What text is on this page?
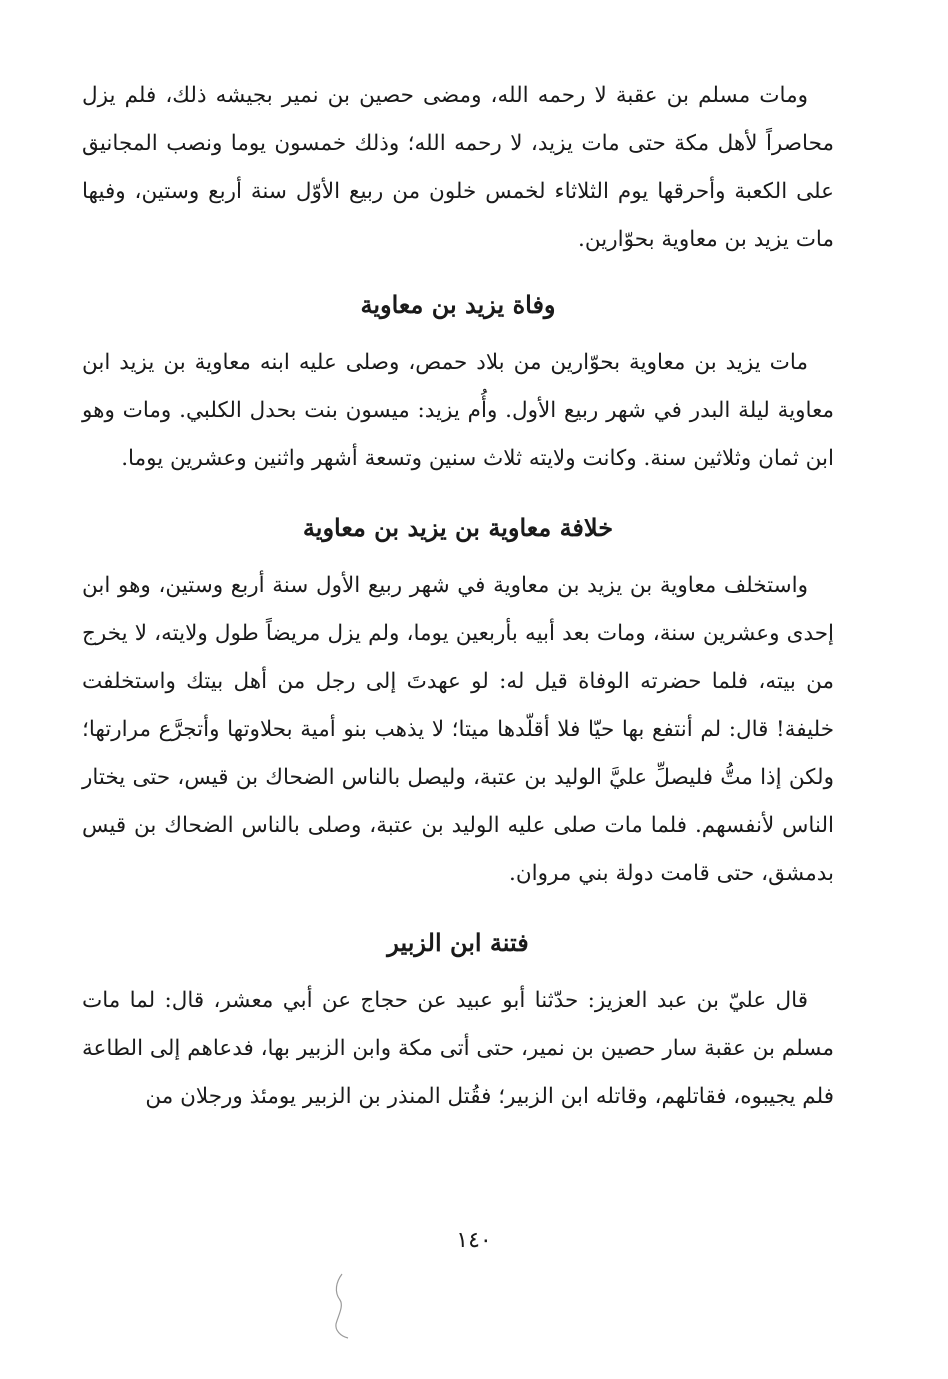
ومات مسلم بن عقبة لا رحمه الله، ومضى حصين بن نمير بجيشه ذلك، فلم يزل محاصراً لأهل مكة حتى مات يزيد، لا رحمه الله؛ وذلك خمسون يوما ونصب المجانيق على الكعبة وأحرقها يوم الثلاثاء لخمس خلون من ربيع الأوّل سنة أربع وستين، وفيها مات يزيد بن معاوية بحوّارين.

وفاة يزيد بن معاوية

مات يزيد بن معاوية بحوّارين من بلاد حمص، وصلى عليه ابنه معاوية بن يزيد ابن معاوية ليلة البدر في شهر ربيع الأول. وأُم يزيد: ميسون بنت بحدل الكلبي. ومات وهو ابن ثمان وثلاثين سنة. وكانت ولايته ثلاث سنين وتسعة أشهر واثنين وعشرين يوما.

خلافة معاوية بن يزيد بن معاوية

واستخلف معاوية بن يزيد بن معاوية في شهر ربيع الأول سنة أربع وستين، وهو ابن إحدى وعشرين سنة، ومات بعد أبيه بأربعين يوما، ولم يزل مريضاً طول ولايته، لا يخرج من بيته، فلما حضرته الوفاة قيل له: لو عهدتَ إلى رجل من أهل بيتك واستخلفت خليفة! قال: لم أنتفع بها حيّا فلا أقلّدها ميتا؛ لا يذهب بنو أمية بحلاوتها وأتجرَّع مرارتها؛ ولكن إذا متُّ فليصلِّ عليَّ الوليد بن عتبة، وليصل بالناس الضحاك بن قيس، حتى يختار الناس لأنفسهم. فلما مات صلى عليه الوليد بن عتبة، وصلى بالناس الضحاك بن قيس بدمشق، حتى قامت دولة بني مروان.

فتنة ابن الزبير

قال عليّ بن عبد العزيز: حدّثنا أبو عبيد عن حجاج عن أبي معشر، قال: لما مات مسلم بن عقبة سار حصين بن نمير، حتى أتى مكة وابن الزبير بها، فدعاهم إلى الطاعة فلم يجيبوه، فقاتلهم، وقاتله ابن الزبير؛ فقُتل المنذر بن الزبير يومئذ ورجلان من

١٤٠
